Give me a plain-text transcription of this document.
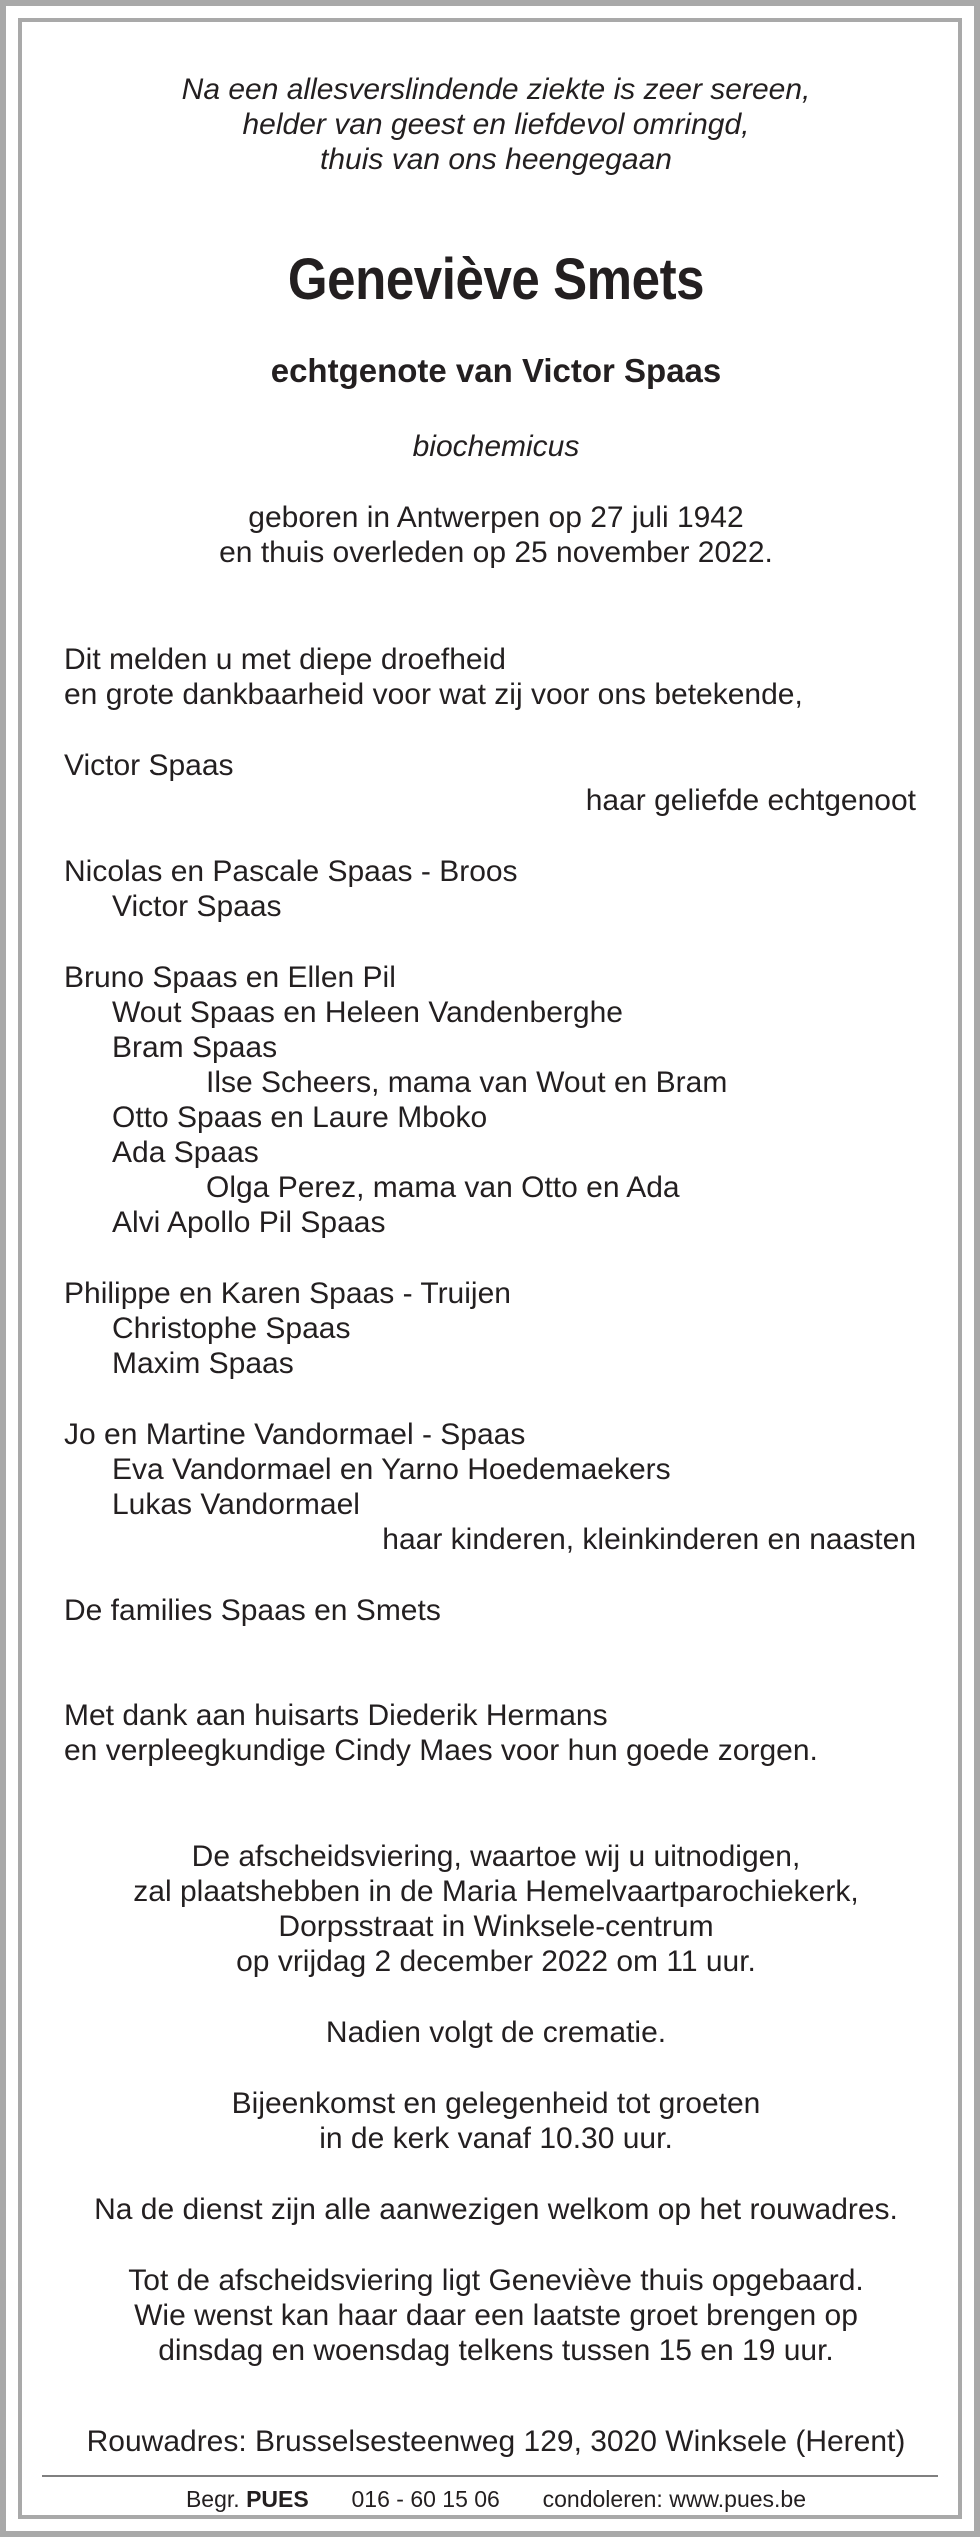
Na een allesverslindende ziekte is zeer sereen,
helder van geest en liefdevol omringd,
thuis van ons heengegaan
Geneviève Smets
echtgenote van Victor Spaas
biochemicus
geboren in Antwerpen op 27 juli 1942
en thuis overleden op 25 november 2022.
Dit melden u met diepe droefheid
en grote dankbaarheid voor wat zij voor ons betekende,
Victor Spaas
haar geliefde echtgenoot
Nicolas en Pascale Spaas - Broos
Victor Spaas
Bruno Spaas en Ellen Pil
Wout Spaas en Heleen Vandenberghe
Bram Spaas
Ilse Scheers, mama van Wout en Bram
Otto Spaas en Laure Mboko
Ada Spaas
Olga Perez, mama van Otto en Ada
Alvi Apollo Pil Spaas
Philippe en Karen Spaas - Truijen
Christophe Spaas
Maxim Spaas
Jo en Martine Vandormael - Spaas
Eva Vandormael en Yarno Hoedemaekers
Lukas Vandormael
haar kinderen, kleinkinderen en naasten
De families Spaas en Smets
Met dank aan huisarts Diederik Hermans
en verpleegkundige Cindy Maes voor hun goede zorgen.
De afscheidsviering, waartoe wij u uitnodigen,
zal plaatshebben in de Maria Hemelvaartparochiekerk,
Dorpsstraat in Winksele-centrum
op vrijdag 2 december 2022 om 11 uur.
Nadien volgt de crematie.
Bijeenkomst en gelegenheid tot groeten
in de kerk vanaf 10.30 uur.
Na de dienst zijn alle aanwezigen welkom op het rouwadres.
Tot de afscheidsviering ligt Geneviève thuis opgebaard.
Wie wenst kan haar daar een laatste groet brengen op
dinsdag en woensdag telkens tussen 15 en 19 uur.
Rouwadres: Brusselsesteenweg 129, 3020 Winksele (Herent)
Begr. PUES 016 - 60 15 06 condoleren: www.pues.be
